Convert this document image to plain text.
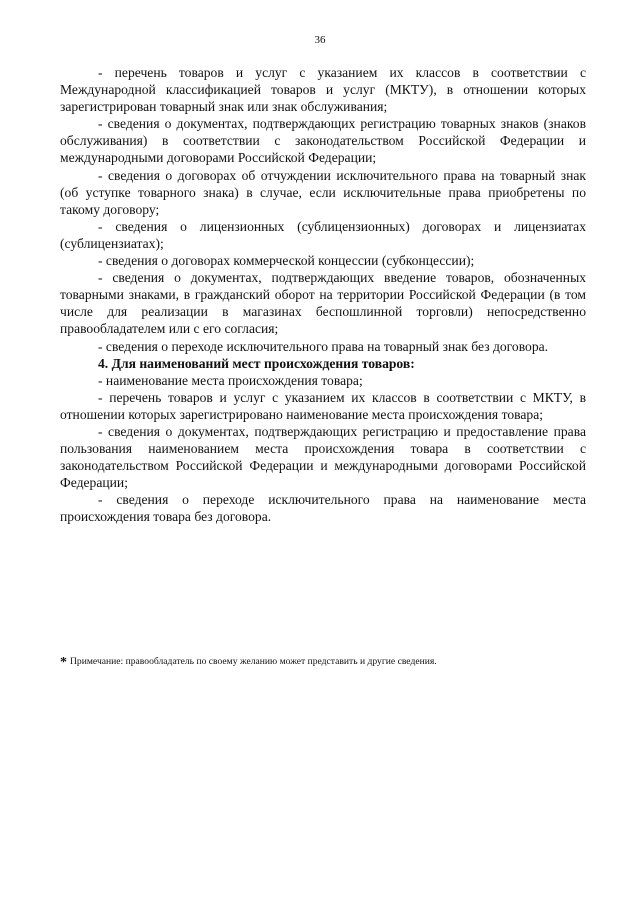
36

- перечень товаров и услуг с указанием их классов в соответствии с Международной классификацией товаров и услуг (МКТУ), в отношении которых зарегистрирован товарный знак или знак обслуживания;

- сведения о документах, подтверждающих регистрацию товарных знаков (знаков обслуживания) в соответствии с законодательством Российской Федерации и международными договорами Российской Федерации;

- сведения о договорах об отчуждении исключительного права на товарный знак (об уступке товарного знака) в случае, если исключительные права приобретены по такому договору;

- сведения о лицензионных (сублицензионных) договорах и лицензиатах (сублицензиатах);

- сведения о договорах коммерческой концессии (субконцессии);

- сведения о документах, подтверждающих введение товаров, обозначенных товарными знаками, в гражданский оборот на территории Российской Федерации (в том числе для реализации в магазинах беспошлинной торговли) непосредственно правообладателем или с его согласия;

- сведения о переходе исключительного права на товарный знак без договора.

4. Для наименований мест происхождения товаров:

- наименование места происхождения товара;

- перечень товаров и услуг с указанием их классов в соответствии с МКТУ, в отношении которых зарегистрировано наименование места происхождения товара;

- сведения о документах, подтверждающих регистрацию и предоставление права пользования наименованием места происхождения товара в соответствии с законодательством Российской Федерации и международными договорами Российской Федерации;

- сведения о переходе исключительного права на наименование места происхождения товара без договора.

* Примечание: правообладатель по своему желанию может представить и другие сведения.
